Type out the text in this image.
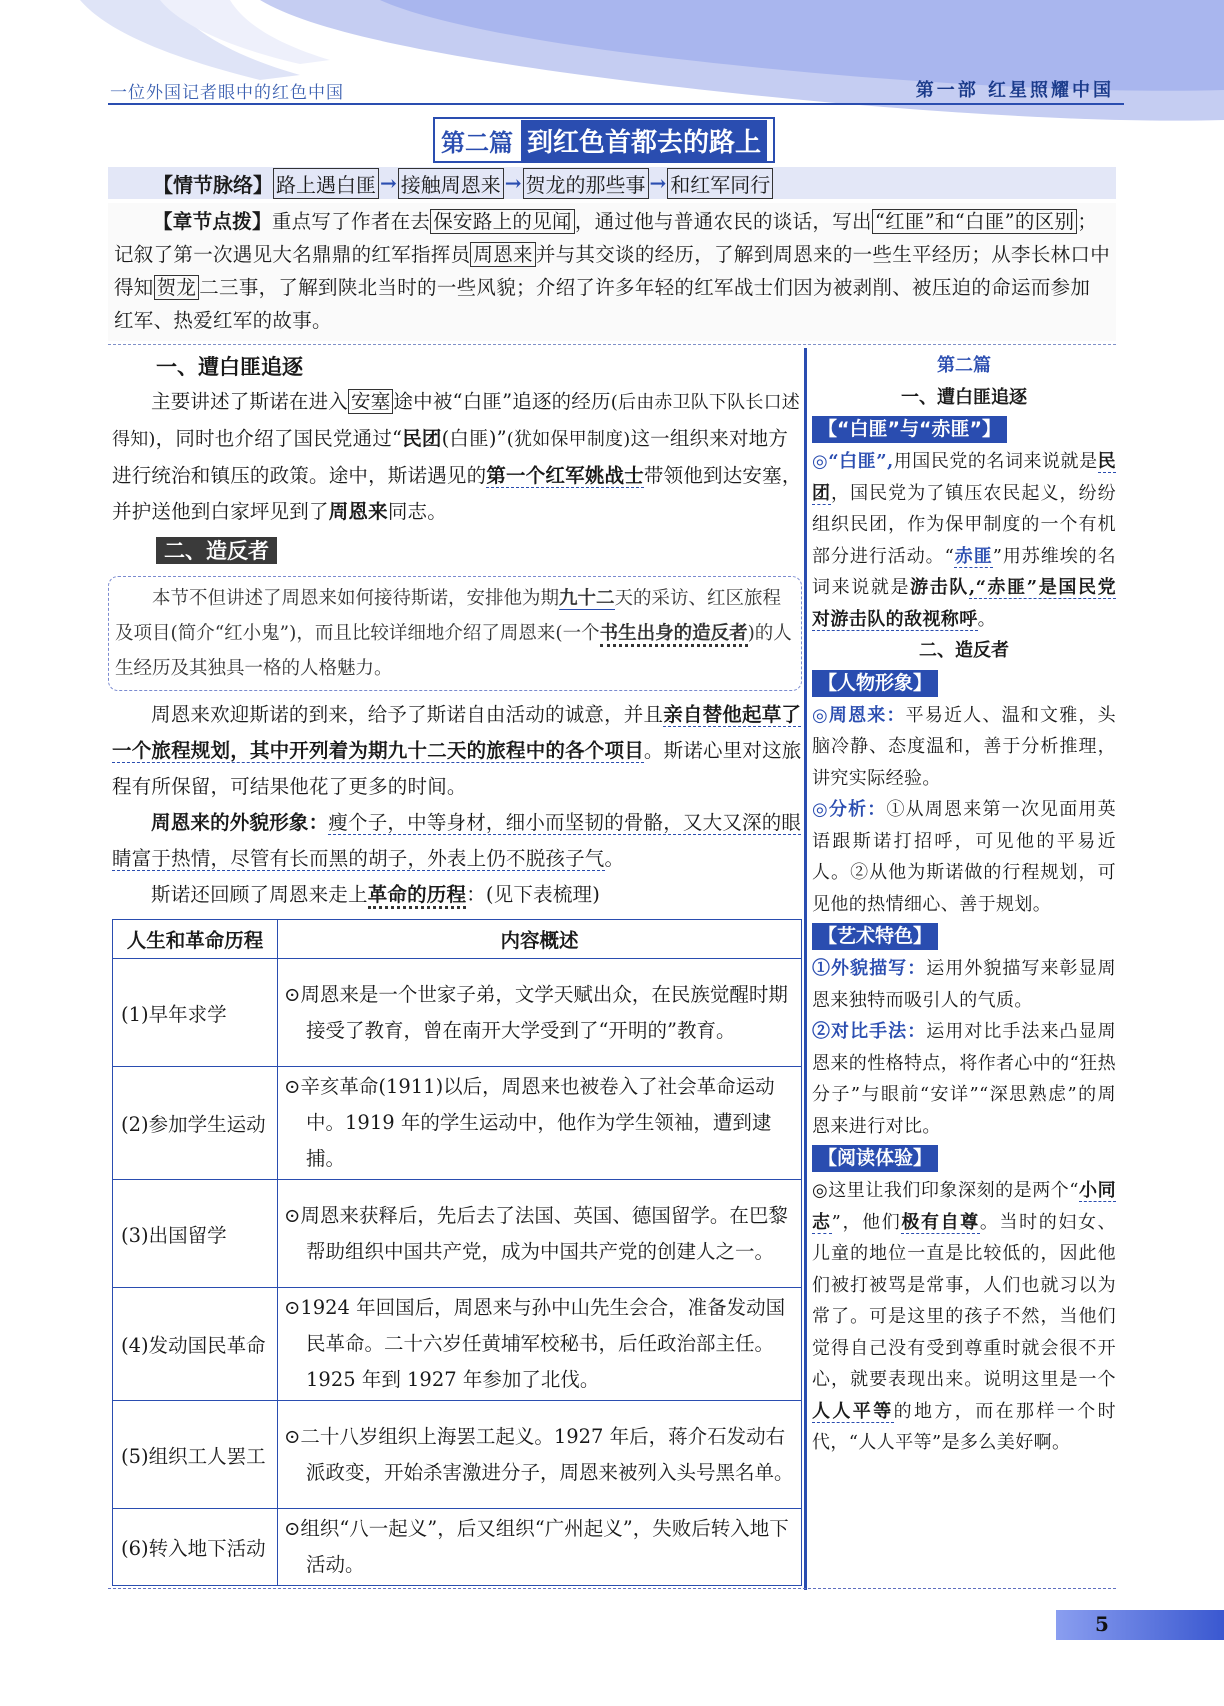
一位外国记者眼中的红色中国	第一部 红星照耀中国
第二篇 到红色首都去的路上
【情节脉络】 路上遇白匪 → 接触周恩来 → 贺龙的那些事 → 和红军同行
【章节点拨】重点写了作者在去 保安路上的见闻 ，通过他与普通农民的谈话，写出 “红匪”和“白匪”的区别 ；记叙了第一次遇见大名鼎鼎的红军指挥员 周恩来 并与其交谈的经历，了解到周恩来的一些生平经历；从李长林口中得知 贺龙 二三事，了解到陕北当时的一些风貌；介绍了许多年轻的红军战士们因为被剥削、被压迫的命运而参加红军、热爱红军的故事。

一、遭白匪追逐

主要讲述了斯诺在进入 安塞 途中被“白匪”追逐的经历(后由赤卫队下队长口述得知)，同时也介绍了国民党通过“民团(白匪)”(犹如保甲制度)这一组织来对地方进行统治和镇压的政策。途中，斯诺遇见的第一个红军姚战士带领他到达安塞，并护送他到白家坪见到了周恩来同志。

二、造反者

本节不但讲述了周恩来如何接待斯诺，安排他为期九十二天的采访、红区旅程及项目(简介“红小鬼”)，而且比较详细地介绍了周恩来(一个书生出身的造反者)的人生经历及其独具一格的人格魅力。

周恩来欢迎斯诺的到来，给予了斯诺自由活动的诚意，并且亲自替他起草了一个旅程规划，其中开列着为期九十二天的旅程中的各个项目。斯诺心里对这旅程有所保留，可结果他花了更多的时间。

周恩来的外貌形象：瘦个子，中等身材，细小而坚韧的骨骼，又大又深的眼睛富于热情，尽管有长而黑的胡子，外表上仍不脱孩子气。

斯诺还回顾了周恩来走上革命的历程：(见下表梳理)

人生和革命历程	内容概述
(1)早年求学	⊙周恩来是一个世家子弟，文学天赋出众，在民族觉醒时期接受了教育，曾在南开大学受到了“开明的”教育。
(2)参加学生运动	⊙辛亥革命(1911)以后，周恩来也被卷入了社会革命运动中。1919 年的学生运动中，他作为学生领袖，遭到逮捕。
(3)出国留学	⊙周恩来获释后，先后去了法国、英国、德国留学。在巴黎帮助组织中国共产党，成为中国共产党的创建人之一。
(4)发动国民革命	⊙1924 年回国后，周恩来与孙中山先生会合，准备发动国民革命。二十六岁任黄埔军校秘书，后任政治部主任。1925 年到 1927 年参加了北伐。
(5)组织工人罢工	⊙二十八岁组织上海罢工起义。1927 年后，蒋介石发动右派政变，开始杀害激进分子，周恩来被列入头号黑名单。
(6)转入地下活动	⊙组织“八一起义”，后又组织“广州起义”，失败后转入地下活动。
第二篇
一、遭白匪追逐
【“白匪”与“赤匪”】

◎“白匪”,用国民党的名词来说就是民团，国民党为了镇压农民起义，纷纷组织民团，作为保甲制度的一个有机部分进行活动。“赤匪”用苏维埃的名词来说就是游击队,“赤匪”是国民党对游击队的敌视称呼。

二、造反者
【人物形象】

◎周恩来：平易近人、温和文雅，头脑冷静、态度温和，善于分析推理，讲究实际经验。

◎分析：①从周恩来第一次见面用英语跟斯诺打招呼，可见他的平易近人。②从他为斯诺做的行程规划，可见他的热情细心、善于规划。

【艺术特色】

①外貌描写：运用外貌描写来彰显周恩来独特而吸引人的气质。

②对比手法：运用对比手法来凸显周恩来的性格特点，将作者心中的“狂热分子”与眼前“安详”“深思熟虑”的周恩来进行对比。

【阅读体验】

◎这里让我们印象深刻的是两个“小同志”，他们极有自尊。当时的妇女、儿童的地位一直是比较低的，因此他们被打被骂是常事，人们也就习以为常了。可是这里的孩子不然，当他们觉得自己没有受到尊重时就会很不开心，就要表现出来。说明这里是一个人人平等的地方，而在那样一个时代，“人人平等”是多么美好啊。

5
